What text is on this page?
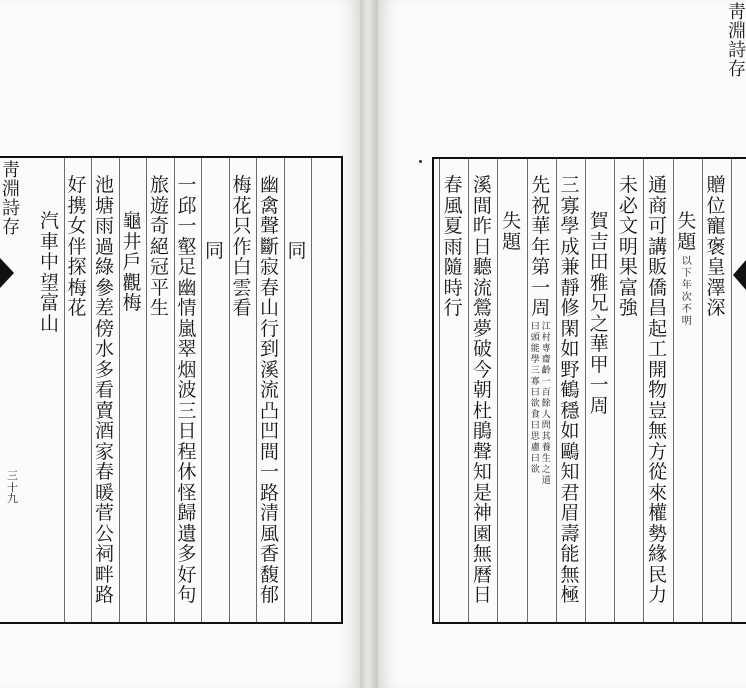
同
幽
禽
聲
斷
寂
春
山
行
到
溪
流
凸
凹
間
一
路
清
風
香
馥
郁
梅
花
只
作
白
雲
看
同
一
邱
一
壑
足
幽
情
嵐
翠
烟
波
三
日
程
休
怪
歸
遺
多
好
句
旅
遊
奇
絕
冠
平
生
龜
井
戶
觀
梅
池
塘
雨
過
綠
參
差
傍
水
多
看
賣
酒
家
春
暖
菅
公
祠
畔
路
好
携
女
伴
探
梅
花
汽
車
中
望
富
山
贈
位
寵
褒
皇
澤
深
失
題
以
下
年
次
不
明
通
商
可
講
販
僑
昌
起
工
開
物
豈
無
方
從
來
權
勢
緣
民
力
未
必
文
明
果
富
強
賀
吉
田
雅
兄
之
華
甲
一
周
三
寡
學
成
兼
靜
修
閑
如
野
鶴
穩
如
鷗
知
君
眉
壽
能
無
極
先
祝
華
年
第
一
周
江
村
専
齋
齡
一
百
餘
人
問
其
養
生
之
道
曰
頭
能
學
三
寡
曰
欲
食
曰
思
慮
曰
欲
失
題
溪
間
昨
日
聽
流
鶯
夢
破
今
朝
杜
鵑
聲
知
是
神
園
無
曆
日
春
風
夏
雨
隨
時
行
靑
淵
詩
存
靑
淵
詩
存
三
十
九
